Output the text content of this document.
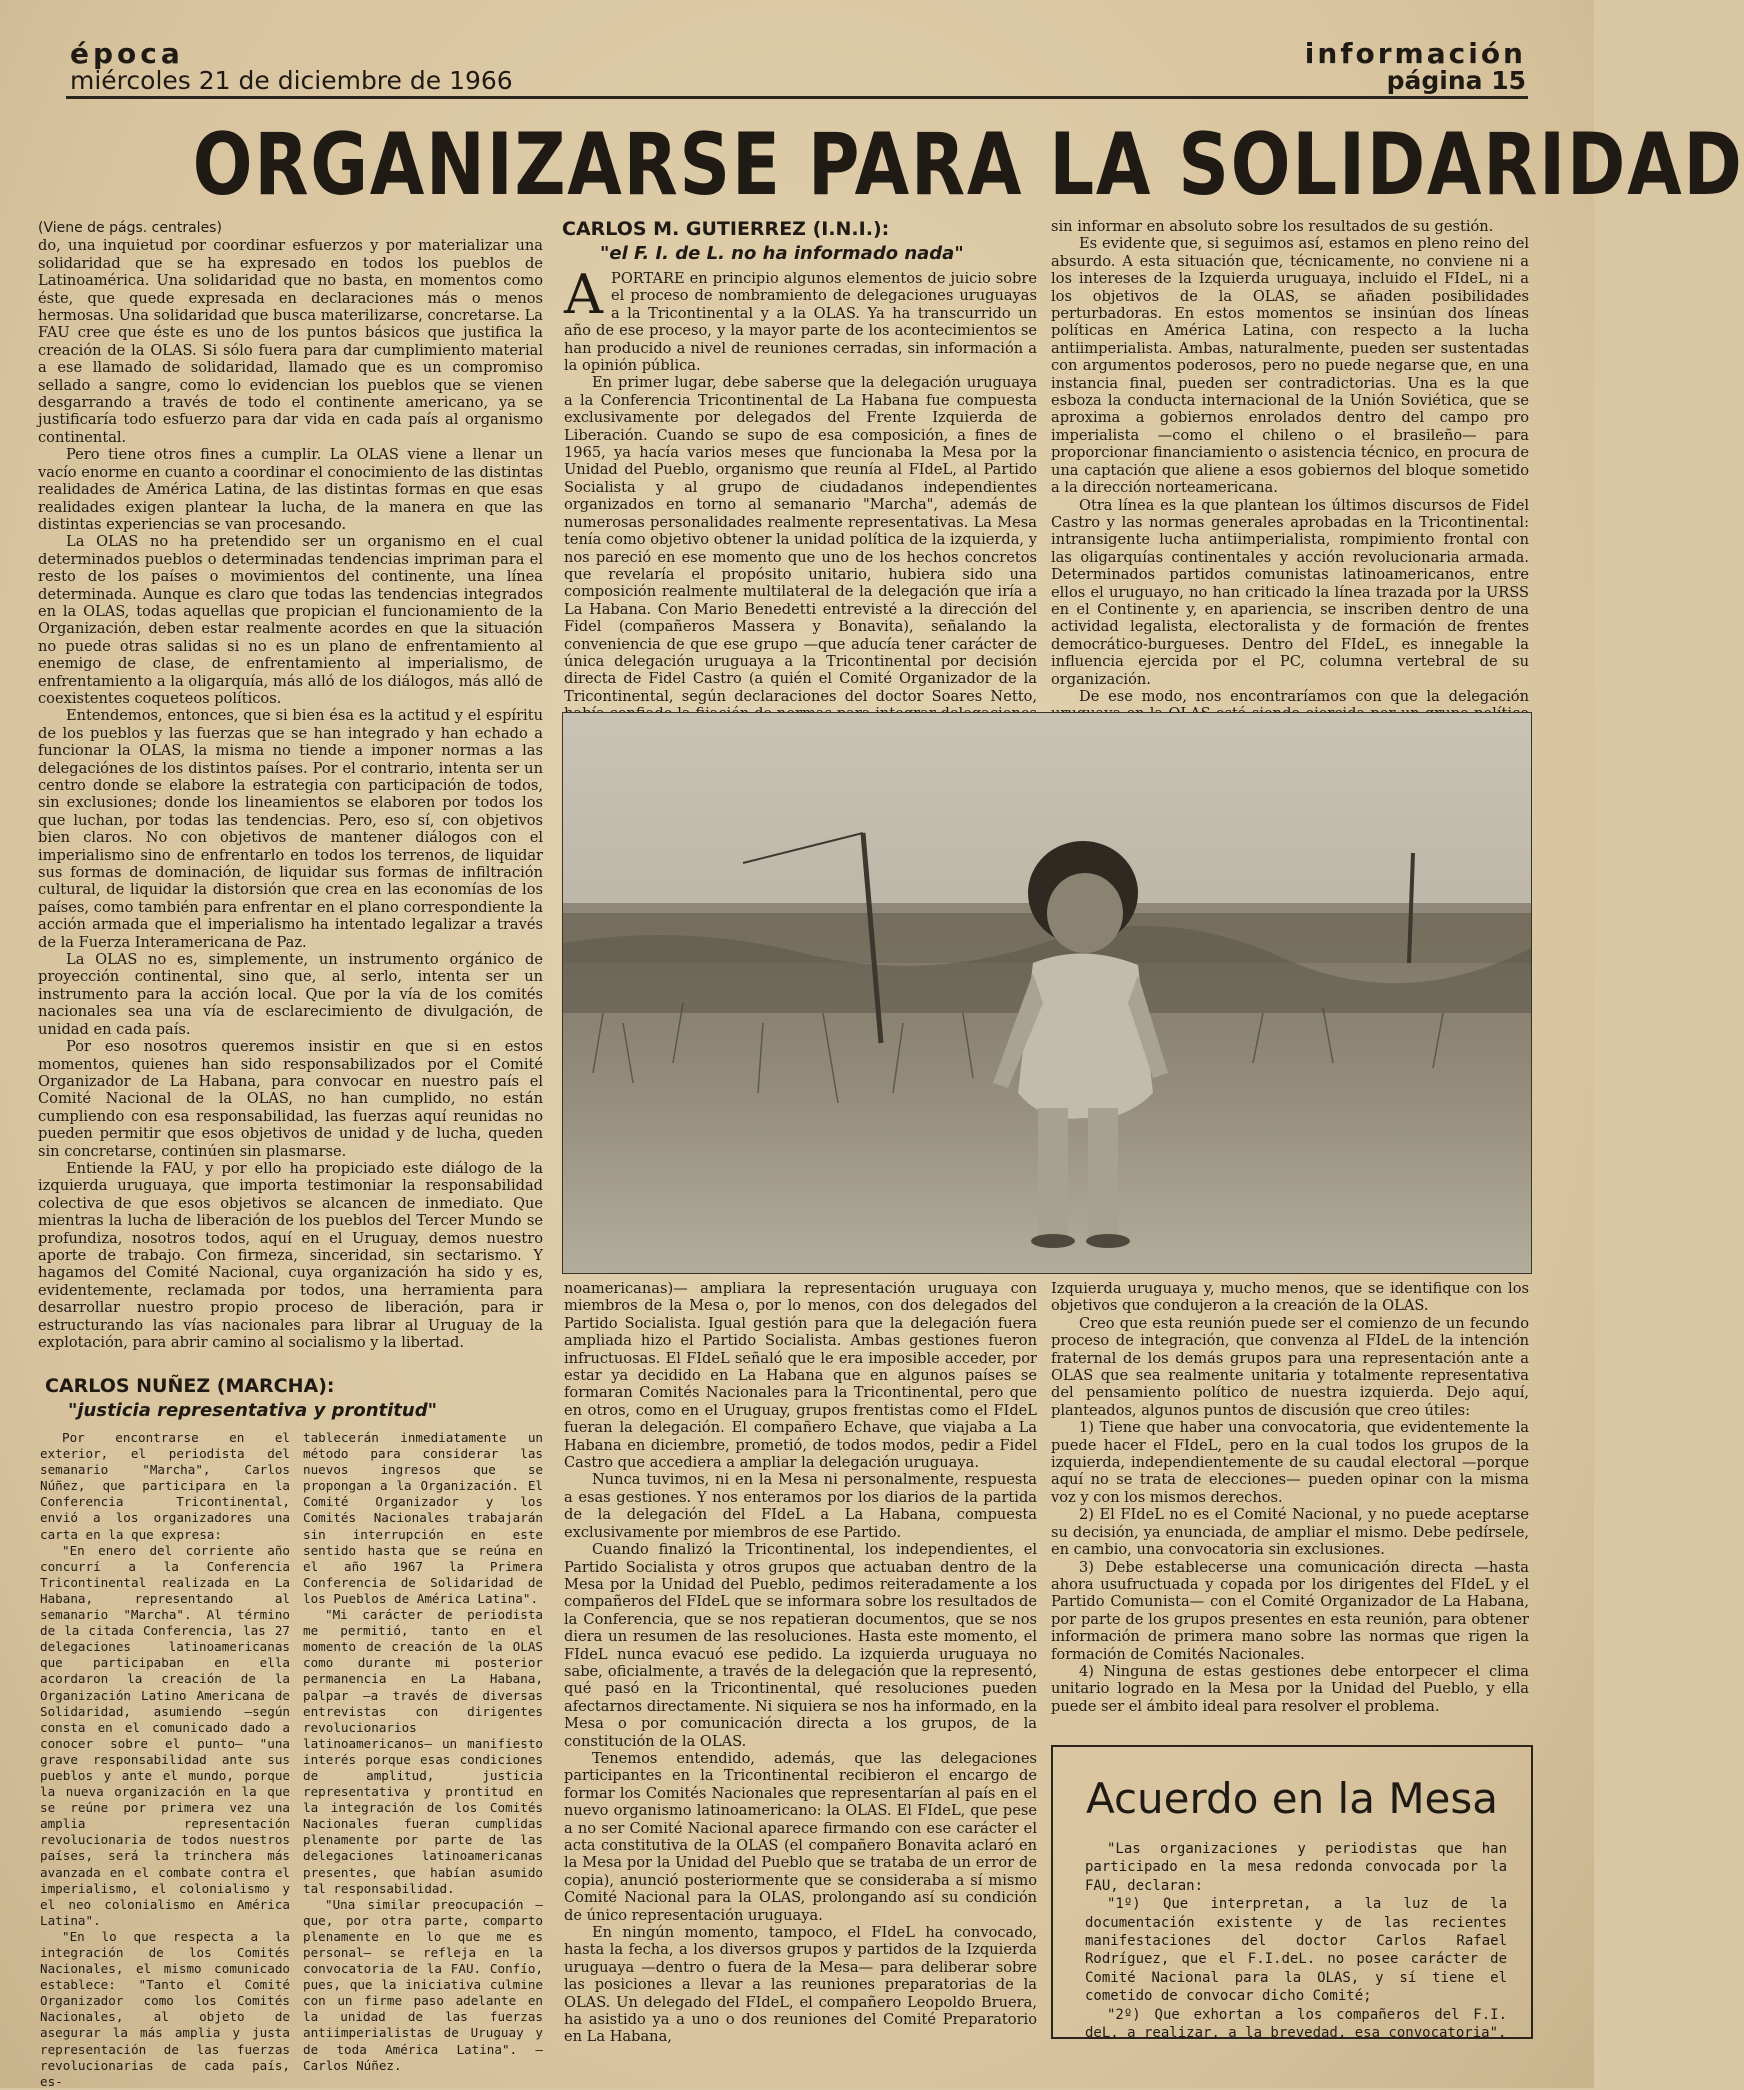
época
miércoles 21 de diciembre de 1966
información
página 15
ORGANIZARSE PARA LA SOLIDARIDAD

(Viene de págs. centrales)

do, una inquietud por coordinar esfuerzos y por materializar una solidaridad que se ha expresado en todos los pueblos de Latinoamérica. Una solidaridad que no basta, en momentos como éste, que quede expresada en declaraciones más o menos hermosas. Una solidaridad que busca materilizarse, concretarse. La FAU cree que éste es uno de los puntos básicos que justifica la creación de la OLAS. Si sólo fuera para dar cumplimiento material a ese llamado de solidaridad, llamado que es un compromiso sellado a sangre, como lo evidencian los pueblos que se vienen desgarrando a través de todo el continente americano, ya se justificaría todo esfuerzo para dar vida en cada país al organismo continental.

Pero tiene otros fines a cumplir. La OLAS viene a llenar un vacío enorme en cuanto a coordinar el conocimiento de las distintas realidades de América Latina, de las distintas formas en que esas realidades exigen plantear la lucha, de la manera en que las distintas experiencias se van procesando.

La OLAS no ha pretendido ser un organismo en el cual determinados pueblos o determinadas tendencias impriman para el resto de los países o movimientos del continente, una línea determinada. Aunque es claro que todas las tendencias integrados en la OLAS, todas aquellas que propician el funcionamiento de la Organización, deben estar realmente acordes en que la situación no puede otras salidas si no es un plano de enfrentamiento al enemigo de clase, de enfrentamiento al imperialismo, de enfrentamiento a la oligarquía, más alló de los diálogos, más alló de coexistentes coqueteos políticos.

Entendemos, entonces, que si bien ésa es la actitud y el espíritu de los pueblos y las fuerzas que se han integrado y han echado a funcionar la OLAS, la misma no tiende a imponer normas a las delegaciónes de los distintos países. Por el contrario, intenta ser un centro donde se elabore la estrategia con participación de todos, sin exclusiones; donde los lineamientos se elaboren por todos los que luchan, por todas las tendencias. Pero, eso sí, con objetivos bien claros. No con objetivos de mantener diálogos con el imperialismo sino de enfrentarlo en todos los terrenos, de liquidar sus formas de dominación, de liquidar sus formas de infiltración cultural, de liquidar la distorsión que crea en las economías de los países, como también para enfrentar en el plano correspondiente la acción armada que el imperialismo ha intentado legalizar a través de la Fuerza Interamericana de Paz.

La OLAS no es, simplemente, un instrumento orgánico de proyección continental, sino que, al serlo, intenta ser un instrumento para la acción local. Que por la vía de los comités nacionales sea una vía de esclarecimiento de divulgación, de unidad en cada país.

Por eso nosotros queremos insistir en que si en estos momentos, quienes han sido responsabilizados por el Comité Organizador de La Habana, para convocar en nuestro país el Comité Nacional de la OLAS, no han cumplido, no están cumpliendo con esa responsabilidad, las fuerzas aquí reunidas no pueden permitir que esos objetivos de unidad y de lucha, queden sin concretarse, continúen sin plasmarse.

Entiende la FAU, y por ello ha propiciado este diálogo de la izquierda uruguaya, que importa testimoniar la responsabilidad colectiva de que esos objetivos se alcancen de inmediato. Que mientras la lucha de liberación de los pueblos del Tercer Mundo se profundiza, nosotros todos, aquí en el Uruguay, demos nuestro aporte de trabajo. Con firmeza, sinceridad, sin sectarismo. Y hagamos del Comité Nacional, cuya organización ha sido y es, evidentemente, reclamada por todos, una herramienta para desarrollar nuestro propio proceso de liberación, para ir estructurando las vías nacionales para librar al Uruguay de la explotación, para abrir camino al socialismo y la libertad.

CARLOS NUÑEZ (MARCHA):
"justicia representativa y prontitud"

Por encontrarse en el exterior, el periodista del semanario "Marcha", Carlos Núñez, que participara en la Conferencia Tricontinental, envió a los organizadores una carta en la que expresa:

"En enero del corriente año concurrí a la Conferencia Tricontinental realizada en La Habana, representando al semanario "Marcha". Al término de la citada Conferencia, las 27 delegaciones latinoamericanas que participaban en ella acordaron la creación de la Organización Latino Americana de Solidaridad, asumiendo —según consta en el comunicado dado a conocer sobre el punto— "una grave responsabilidad ante sus pueblos y ante el mundo, porque la nueva organización en la que se reúne por primera vez una amplia representación revolucionaria de todos nuestros países, será la trinchera más avanzada en el combate contra el imperialismo, el colonialismo y el neo colonialismo en América Latina".

"En lo que respecta a la integración de los Comités Nacionales, el mismo comunicado establece: "Tanto el Comité Organizador como los Comités Nacionales, al objeto de asegurar la más amplia y justa representación de las fuerzas revolucionarias de cada país, es-

tablecerán inmediatamente un método para considerar las nuevos ingresos que se propongan a la Organización. El Comité Organizador y los Comités Nacionales trabajarán sin interrupción en este sentido hasta que se reúna en el año 1967 la Primera Conferencia de Solidaridad de los Pueblos de América Latina".

"Mi carácter de periodista me permitió, tanto en el momento de creación de la OLAS como durante mi posterior permanencia en La Habana, palpar —a través de diversas entrevistas con dirigentes revolucionarios latinoamericanos— un manifiesto interés porque esas condiciones de amplitud, justicia representativa y prontitud en la integración de los Comités Nacionales fueran cumplidas plenamente por parte de las delegaciones latinoamericanas presentes, que habían asumido tal responsabilidad.

"Una similar preocupación —que, por otra parte, comparto plenamente en lo que me es personal— se refleja en la convocatoria de la FAU. Confío, pues, que la iniciativa culmine con un firme paso adelante en la unidad de las fuerzas antiimperialistas de Uruguay y de toda América Latina". — Carlos Núñez.

CARLOS M. GUTIERREZ (I.N.I.):
"el F. I. de L. no ha informado nada"

APORTARE en principio algunos elementos de juicio sobre el proceso de nombramiento de delegaciones uruguayas a la Tricontinental y a la OLAS. Ya ha transcurrido un año de ese proceso, y la mayor parte de los acontecimientos se han producido a nivel de reuniones cerradas, sin información a la opinión pública.

En primer lugar, debe saberse que la delegación uruguaya a la Conferencia Tricontinental de La Habana fue compuesta exclusivamente por delegados del Frente Izquierda de Liberación. Cuando se supo de esa composición, a fines de 1965, ya hacía varios meses que funcionaba la Mesa por la Unidad del Pueblo, organismo que reunía al FIdeL, al Partido Socialista y al grupo de ciudadanos independientes organizados en torno al semanario "Marcha", además de numerosas personalidades realmente representativas. La Mesa tenía como objetivo obtener la unidad política de la izquierda, y nos pareció en ese momento que uno de los hechos concretos que revelaría el propósito unitario, hubiera sido una composición realmente multilateral de la delegación que iría a La Habana. Con Mario Benedetti entrevisté a la dirección del Fidel (compañeros Massera y Bonavita), señalando la conveniencia de que ese grupo —que aducía tener carácter de única delegación uruguaya a la Tricontinental por decisión directa de Fidel Castro (a quién el Comité Organizador de la Tricontinental, según declaraciones del doctor Soares Netto,

sin informar en absoluto sobre los resultados de su gestión.

Es evidente que, si seguimos así, estamos en pleno reino del absurdo. A esta situación que, técnicamente, no conviene ni a los intereses de la Izquierda uruguaya, incluido el FIdeL, ni a los objetivos de la OLAS, se añaden posibilidades perturbadoras. En estos momentos se insinúan dos líneas políticas en América Latina, con respecto a la lucha antiimperialista. Ambas, naturalmente, pueden ser sustentadas con argumentos poderosos, pero no puede negarse que, en una instancia final, pueden ser contradictorias. Una es la que esboza la conducta internacional de la Unión Soviética, que se aproxima a gobiernos enrolados dentro del campo pro imperialista —como el chileno o el brasileño— para proporcionar financiamiento o asistencia técnico, en procura de una captación que aliene a esos gobiernos del bloque sometido a la dirección norteamericana.

Otra línea es la que plantean los últimos discursos de Fidel Castro y las normas generales aprobadas en la Tricontinental: intransigente lucha antiimperialista, rompimiento frontal con las oligarquías continentales y acción revolucionaria armada. Determinados partidos comunistas latinoamericanos, entre ellos el uruguayo, no han criticado la línea trazada por la URSS en el Continente y, en apariencia, se inscriben dentro de una actividad legalista, electoralista y de formación de frentes democrático-burgueses. Dentro del FIdeL, es innegable la influencia ejercida por el PC, columna vertebral de su organización.

De ese modo, nos encontraríamos con que la delegación

noamericanas)— ampliara la representación uruguaya con miembros de la Mesa o, por lo menos, con dos delegados del Partido Socialista. Igual gestión para que la delegación fuera ampliada hizo el Partido Socialista. Ambas gestiones fueron infructuosas. El FIdeL señaló que le era imposible acceder, por estar ya decidido en La Habana que en algunos países se formaran Comités Nacionales para la Tricontinental, pero que en otros, como en el Uruguay, grupos frentistas como el FIdeL fueran la delegación. El compañero Echave, que viajaba a La Habana en diciembre, prometió, de todos modos, pedir a Fidel Castro que accediera a ampliar la delegación uruguaya.

Nunca tuvimos, ni en la Mesa ni personalmente, respuesta a esas gestiones. Y nos enteramos por los diarios de la partida de la delegación del FIdeL a La Habana, compuesta exclusivamente por miembros de ese Partido.

Cuando finalizó la Tricontinental, los independientes, el Partido Socialista y otros grupos que actuaban dentro de la Mesa por la Unidad del Pueblo, pedimos reiteradamente a los compañeros del FIdeL que se informara sobre los resultados de la Conferencia, que se nos repatieran documentos, que se nos diera un resumen de las resoluciones. Hasta este momento, el FIdeL nunca evacuó ese pedido. La izquierda uruguaya no sabe, oficialmente, a través de la delegación que la representó, qué pasó en la Tricontinental, qué resoluciones pueden afectarnos directamente. Ni siquiera se nos ha informado, en la Mesa o por comunicación directa a los grupos, de la constitución de la OLAS.

Tenemos entendido, además, que las delegaciones participantes en la Tricontinental recibieron el encargo de formar los Comités Nacionales que representarían al país en el nuevo organismo latinoamericano: la OLAS. El FIdeL, que pese a no ser Comité Nacional aparece firmando con ese carácter el acta constitutiva de la OLAS (el compañero Bonavita aclaró en la Mesa por la Unidad del Pueblo que se trataba de un error de copia), anunció posteriormente que se consideraba a sí mismo Comité Nacional para la OLAS, prolongando así su condición de único representación uruguaya.

En ningún momento, tampoco, el FIdeL ha convocado, hasta la fecha, a los diversos grupos y partidos de la Izquierda uruguaya —dentro o fuera de la Mesa— para deliberar sobre las posiciones a llevar a las reuniones preparatorias de la OLAS. Un delegado del FIdeL, el compañero Leopoldo Bruera, ha asistido ya a uno o dos reuniones del Comité Preparatorio en La Habana,

Izquierda uruguaya y, mucho menos, que se identifique con los objetivos que condujeron a la creación de la OLAS.

Creo que esta reunión puede ser el comienzo de un fecundo proceso de integración, que convenza al FIdeL de la intención fraternal de los demás grupos para una representación ante a OLAS que sea realmente unitaria y totalmente representativa del pensamiento político de nuestra izquierda. Dejo aquí, planteados, algunos puntos de discusión que creo útiles:

1) Tiene que haber una convocatoria, que evidentemente la puede hacer el FIdeL, pero en la cual todos los grupos de la izquierda, independientemente de su caudal electoral —porque aquí no se trata de elecciones— pueden opinar con la misma voz y con los mismos derechos.

2) El FIdeL no es el Comité Nacional, y no puede aceptarse su decisión, ya enunciada, de ampliar el mismo. Debe pedírsele, en cambio, una convocatoria sin exclusiones.

3) Debe establecerse una comunicación directa —hasta ahora usufructuada y copada por los dirigentes del FIdeL y el Partido Comunista— con el Comité Organizador de La Habana, por parte de los grupos presentes en esta reunión, para obtener información de primera mano sobre las normas que rigen la formación de Comités Nacionales.

4) Ninguna de estas gestiones debe entorpecer el clima unitario logrado en la Mesa por la Unidad del Pueblo, y ella puede ser el ámbito ideal para resolver el problema.

Acuerdo en la Mesa

"Las organizaciones y periodistas que han participado en la mesa redonda convocada por la FAU, declaran:

"1º) Que interpretan, a la luz de la documentación existente y de las recientes manifestaciones del doctor Carlos Rafael Rodríguez, que el F.I.deL. no posee carácter de Comité Nacional para la OLAS, y sí tiene el cometido de convocar dicho Comité;

"2º) Que exhortan a los compañeros del F.I. deL. a realizar, a la brevedad, esa convocatoria".
